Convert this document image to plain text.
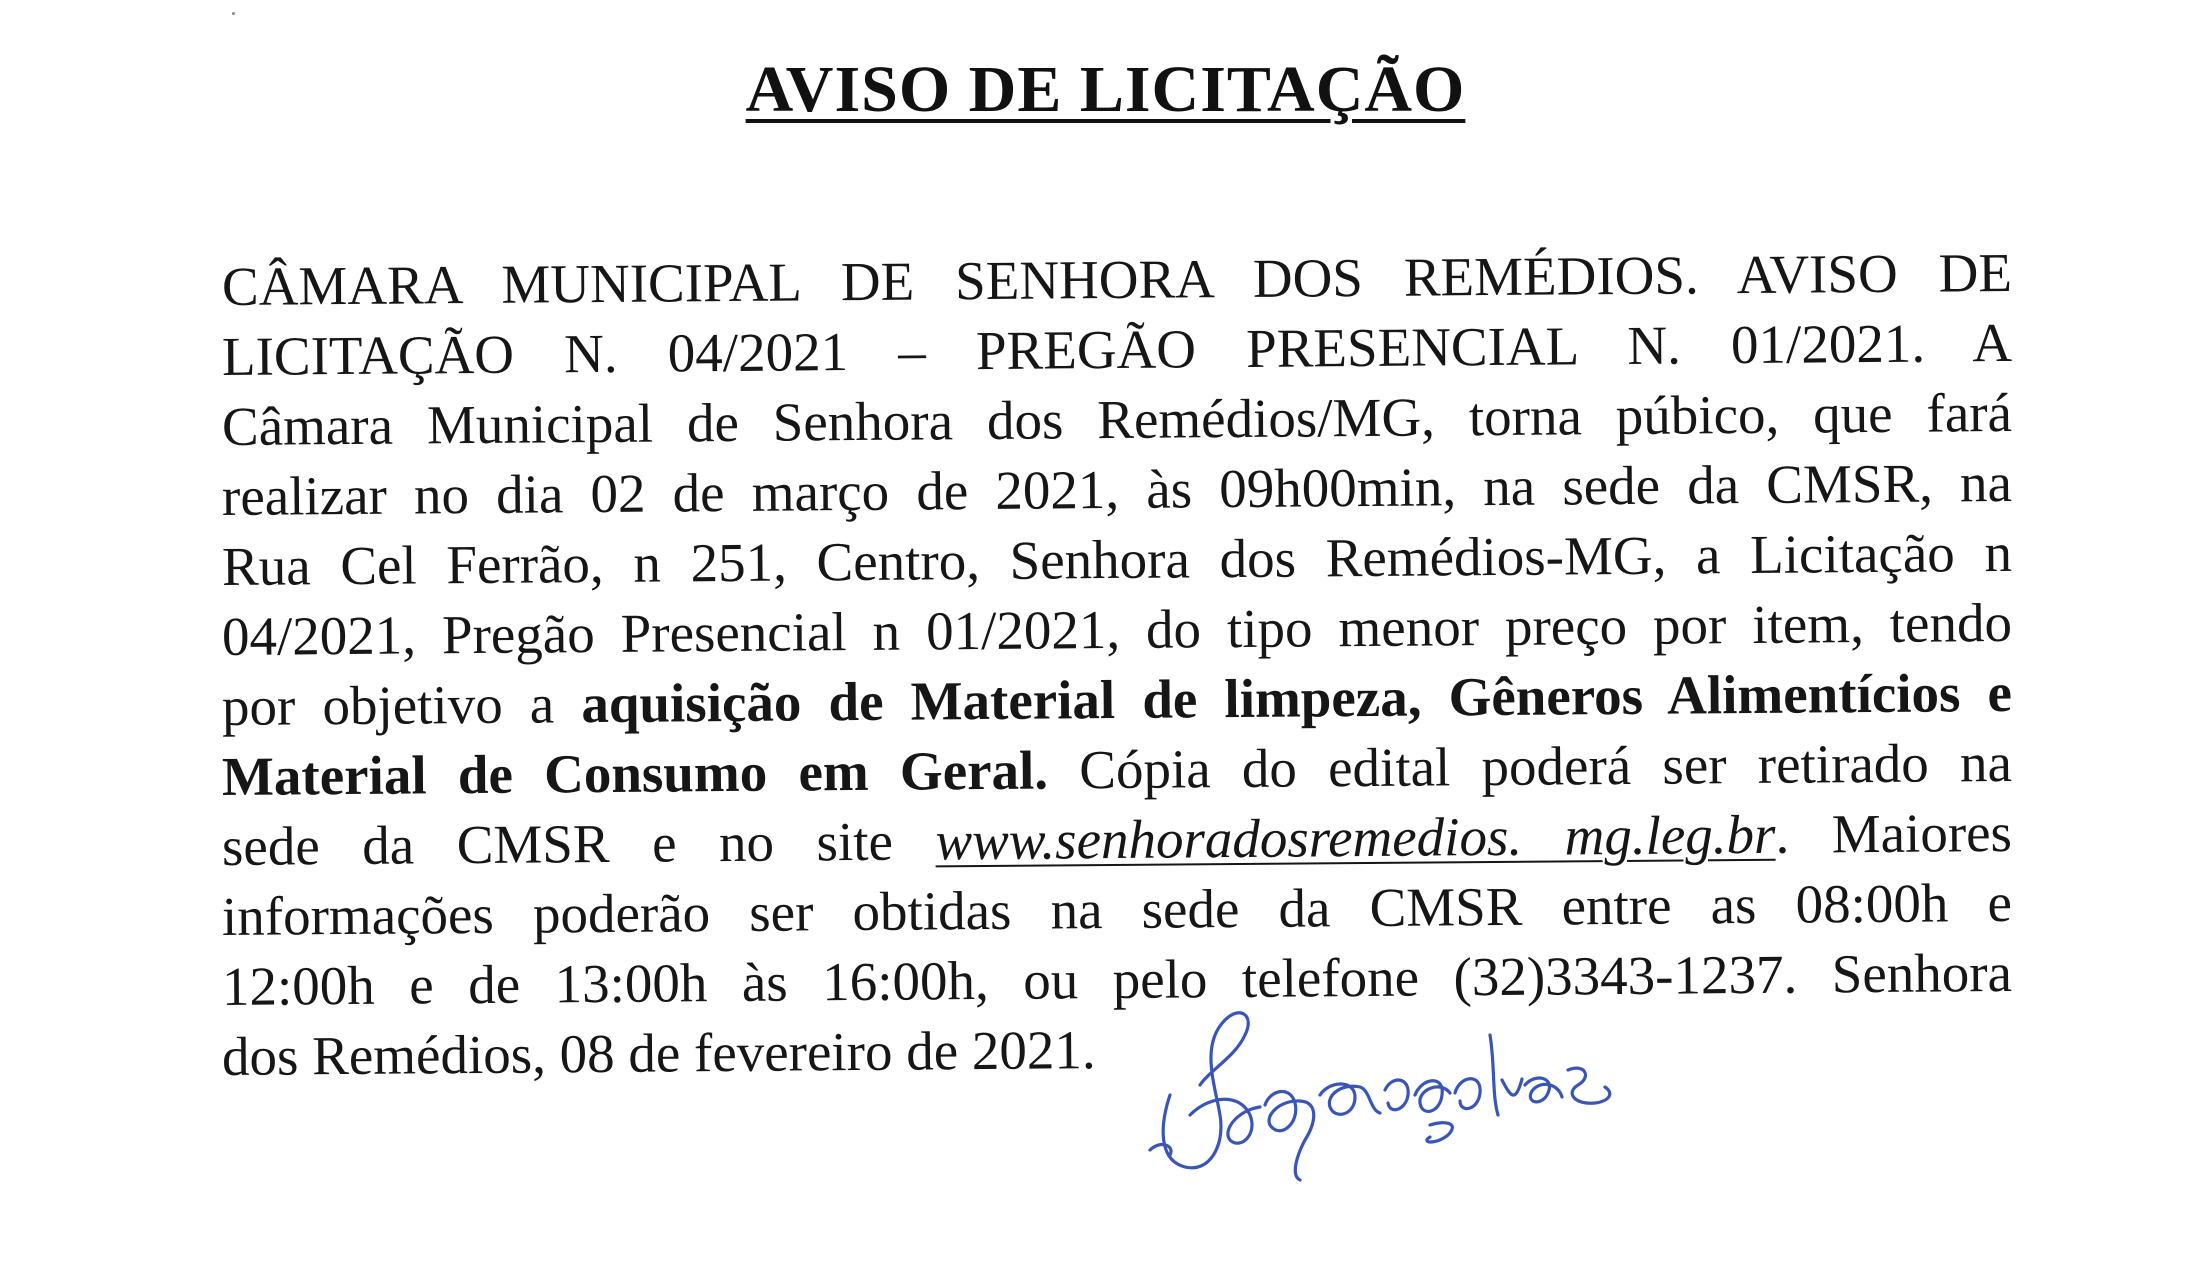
AVISO DE LICITAÇÃO
CÂMARA MUNICIPAL DE SENHORA DOS REMÉDIOS. AVISO DE
LICITAÇÃO N. 04/2021 – PREGÃO PRESENCIAL N. 01/2021. A
Câmara Municipal de Senhora dos Remédios/MG, torna púbico, que fará
realizar no dia 02 de março de 2021, às 09h00min, na sede da CMSR, na
Rua Cel Ferrão, n 251, Centro, Senhora dos Remédios-MG, a Licitação n
04/2021, Pregão Presencial n 01/2021, do tipo menor preço por item, tendo
por objetivo a aquisição de Material de limpeza, Gêneros Alimentícios e
Material de Consumo em Geral. Cópia do edital poderá ser retirado na
sede da CMSR e no site www.senhoradosremedios. mg.leg.br. Maiores
informações poderão ser obtidas na sede da CMSR entre as 08:00h e
12:00h e de 13:00h às 16:00h, ou pelo telefone (32)3343-1237. Senhora
dos Remédios, 08 de fevereiro de 2021.
